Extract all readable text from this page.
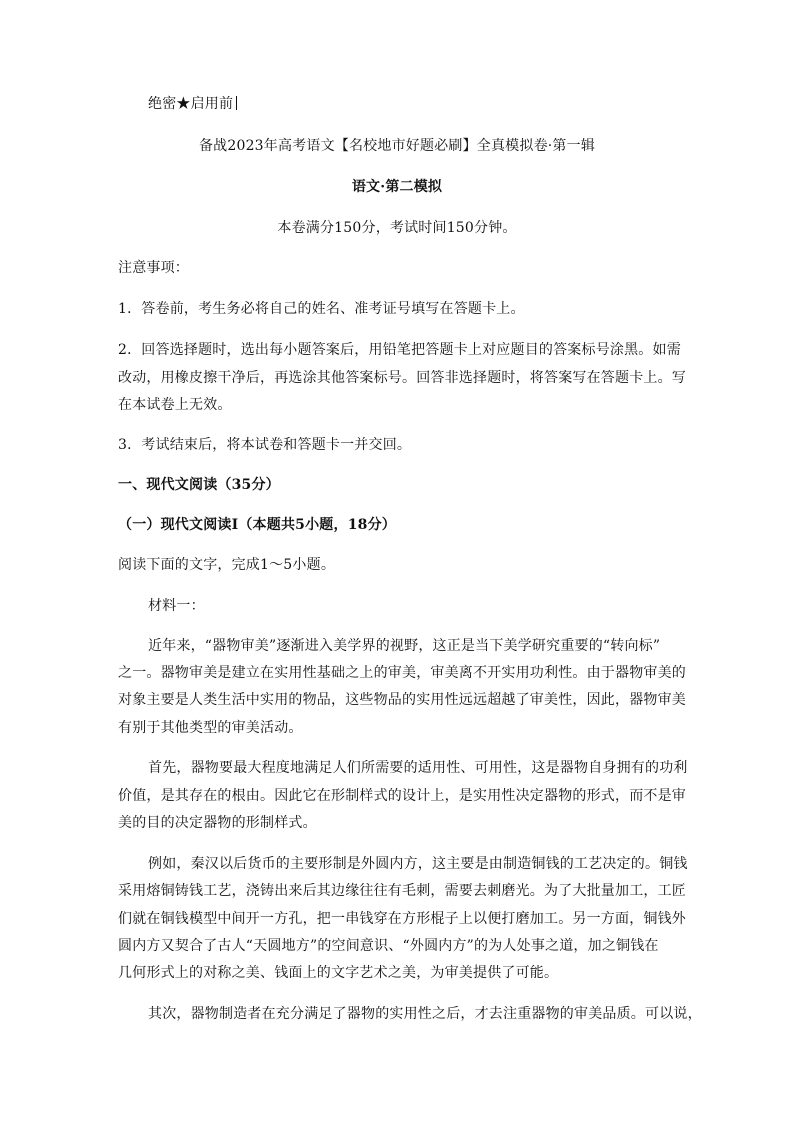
绝密★启用前
备战2023年高考语文【名校地市好题必刷】全真模拟卷·第一辑
语文·第二模拟
本卷满分150分，考试时间150分钟。
注意事项：
1．答卷前，考生务必将自己的姓名、准考证号填写在答题卡上。
2．回答选择题时，选出每小题答案后，用铅笔把答题卡上对应题目的答案标号涂黑。如需
改动，用橡皮擦干净后，再选涂其他答案标号。回答非选择题时，将答案写在答题卡上。写
在本试卷上无效。
3．考试结束后，将本试卷和答题卡一并交回。
一、现代文阅读（35分）
（一）现代文阅读Ⅰ（本题共5小题，18分）
阅读下面的文字，完成1～5小题。
材料一：
近年来，“器物审美”逐渐进入美学界的视野，这正是当下美学研究重要的“转向标”
之一。器物审美是建立在实用性基础之上的审美，审美离不开实用功利性。由于器物审美的
对象主要是人类生活中实用的物品，这些物品的实用性远远超越了审美性，因此，器物审美
有别于其他类型的审美活动。
首先，器物要最大程度地满足人们所需要的适用性、可用性，这是器物自身拥有的功利
价值，是其存在的根由。因此它在形制样式的设计上，是实用性决定器物的形式，而不是审
美的目的决定器物的形制样式。
例如，秦汉以后货币的主要形制是外圆内方，这主要是由制造铜钱的工艺决定的。铜钱
采用熔铜铸钱工艺，浇铸出来后其边缘往往有毛刺，需要去刺磨光。为了大批量加工，工匠
们就在铜钱模型中间开一方孔，把一串钱穿在方形棍子上以便打磨加工。另一方面，铜钱外
圆内方又契合了古人“天圆地方”的空间意识、“外圆内方”的为人处事之道，加之铜钱在
几何形式上的对称之美、钱面上的文字艺术之美，为审美提供了可能。
其次，器物制造者在充分满足了器物的实用性之后，才去注重器物的审美品质。可以说，
